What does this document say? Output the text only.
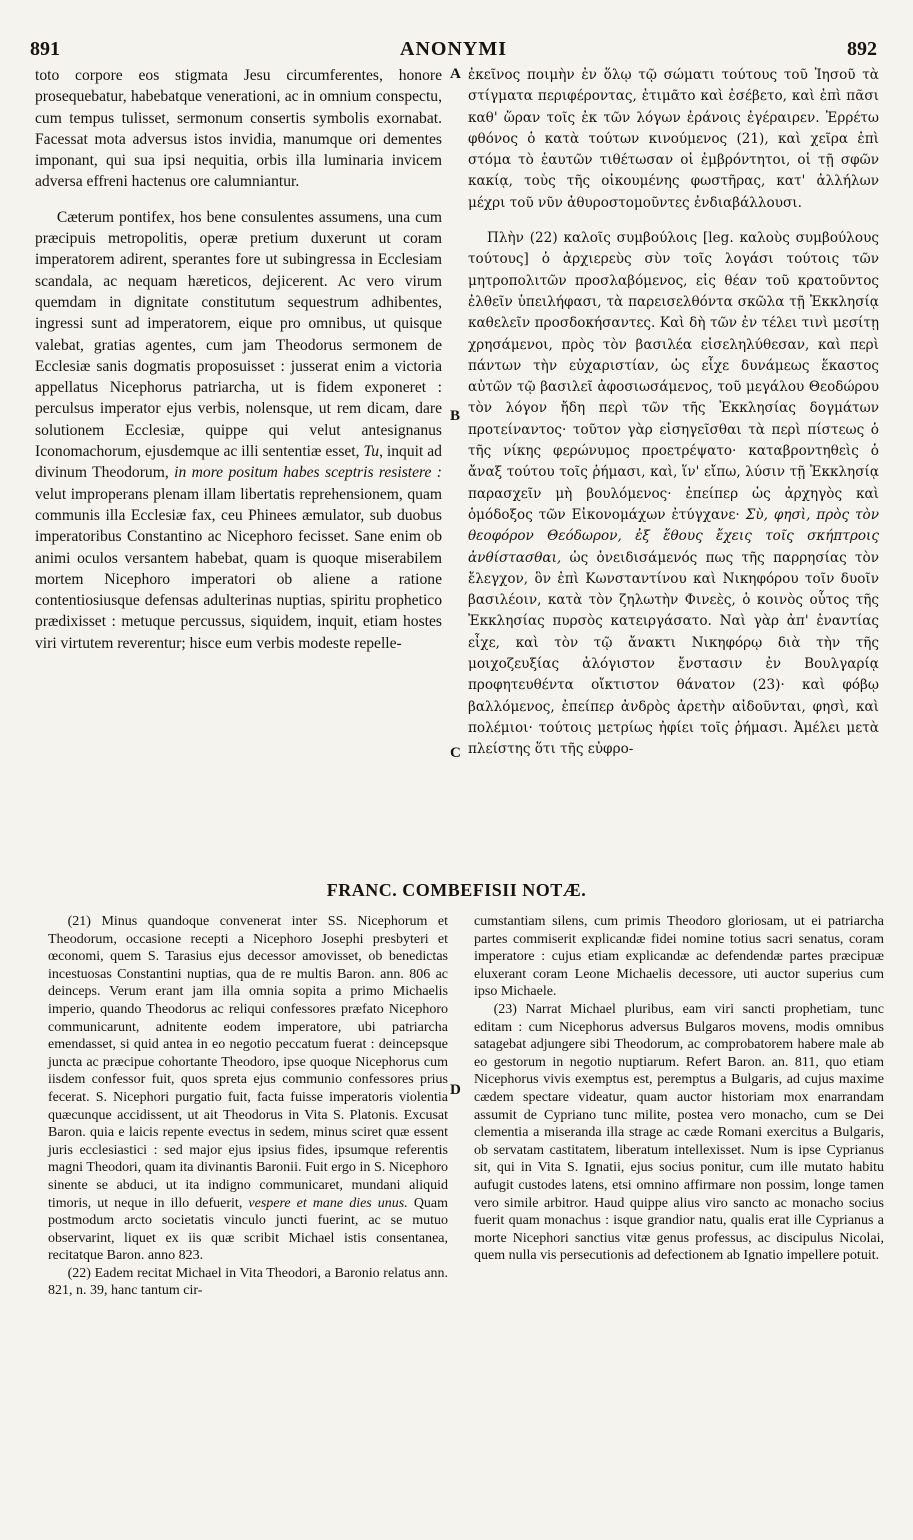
891	ANONYMI	892
A
B
C
D

toto corpore eos stigmata Jesu circumferentes, honore prosequebatur, habebatque venerationi, ac in omnium conspectu, cum tempus tulisset, sermonum consertis symbolis exornabat. Facessat mota adversus istos invidia, manumque ori dementes imponant, qui sua ipsi nequitia, orbis illa luminaria invicem adversa effreni hactenus ore calumniantur.

Cæterum pontifex, hos bene consulentes assumens, una cum præcipuis metropolitis, operæ pretium duxerunt ut coram imperatorem adirent, sperantes fore ut subingressa in Ecclesiam scandala, ac nequam hæreticos, dejicerent. Ac vero virum quemdam in dignitate constitutum sequestrum adhibentes, ingressi sunt ad imperatorem, eique pro omnibus, ut quisque valebat, gratias agentes, cum jam Theodorus sermonem de Ecclesiæ sanis dogmatis proposuisset : jusserat enim a victoria appellatus Nicephorus patriarcha, ut is fidem exponeret : perculsus imperator ejus verbis, nolensque, ut rem dicam, dare solutionem Ecclesiæ, quippe qui velut antesignanus Iconomachorum, ejusdemque ac illi sententiæ esset, Tu, inquit ad divinum Theodorum, in more positum habes sceptris resistere : velut improperans plenam illam libertatis reprehensionem, quam communis illa Ecclesiæ fax, ceu Phinees æmulator, sub duobus imperatoribus Constantino ac Nicephoro fecisset. Sane enim ob animi oculos versantem habebat, quam is quoque miserabilem mortem Nicephoro imperatori ob aliene a ratione contentiosiusque defensas adulterinas nuptias, spiritu prophetico prædixisset : metuque percussus, siquidem, inquit, etiam hostes viri virtutem reverentur; hisce eum verbis modeste repelle-

ἐκεῖνος ποιμὴν ἐν ὅλῳ τῷ σώματι τούτους τοῦ Ἰησοῦ τὰ στίγματα περιφέροντας, ἐτιμᾶτο καὶ ἐσέβετο, καὶ ἐπὶ πᾶσι καθ' ὥραν τοῖς ἐκ τῶν λόγων ἐράνοις ἐγέραιρεν. Ἐρρέτω φθόνος ὁ κατὰ τούτων κινούμενος (21), καὶ χεῖρα ἐπὶ στόμα τὸ ἑαυτῶν τιθέτωσαν οἱ ἐμβρόντητοι, οἱ τῇ σφῶν κακίᾳ, τοὺς τῆς οἰκουμένης φωστῆρας, κατ' ἀλλήλων μέχρι τοῦ νῦν ἀθυροστομοῦντες ἐνδιαβάλλουσι.

Πλὴν (22) καλοῖς συμβούλοις [leg. καλοὺς συμβούλους τούτους] ὁ ἀρχιερεὺς σὺν τοῖς λογάσι τούτοις τῶν μητροπολιτῶν προσλαβόμενος, εἰς θέαν τοῦ κρατοῦντος ἐλθεῖν ὑπειλήφασι, τὰ παρεισελθόντα σκῶλα τῇ Ἐκκλησίᾳ καθελεῖν προσδοκήσαντες. Καὶ δὴ τῶν ἐν τέλει τινὶ μεσίτῃ χρησάμενοι, πρὸς τὸν βασιλέα εἰσεληλύθεσαν, καὶ περὶ πάντων τὴν εὐχαριστίαν, ὡς εἶχε δυνάμεως ἕκαστος αὐτῶν τῷ βασιλεῖ ἀφοσιωσάμενος, τοῦ μεγάλου Θεοδώρου τὸν λόγον ἤδη περὶ τῶν τῆς Ἐκκλησίας δογμάτων προτείναντος· τοῦτον γὰρ εἰσηγεῖσθαι τὰ περὶ πίστεως ὁ τῆς νίκης φερώνυμος προετρέψατο· καταβροντηθεὶς ὁ ἄναξ τούτου τοῖς ῥήμασι, καὶ, ἵν' εἴπω, λύσιν τῇ Ἐκκλησίᾳ παρασχεῖν μὴ βουλόμενος· ἐπείπερ ὡς ἀρχηγὸς καὶ ὁμόδοξος τῶν Εἰκονομάχων ἐτύγχανε· Σὺ, φησὶ, πρὸς τὸν θεοφόρον Θεόδωρον, ἐξ ἔθους ἔχεις τοῖς σκήπτροις ἀνθίστασθαι, ὡς ὀνειδισάμενός πως τῆς παρρησίας τὸν ἔλεγχον, ὃν ἐπὶ Κωνσταντίνου καὶ Νικηφόρου τοῖν δυοῖν βασιλέοιν, κατὰ τὸν ζηλωτὴν Φινεὲς, ὁ κοινὸς οὗτος τῆς Ἐκκλησίας πυρσὸς κατειργάσατο. Ναὶ γὰρ ἀπ' ἐναντίας εἶχε, καὶ τὸν τῷ ἄνακτι Νικηφόρῳ διὰ τὴν τῆς μοιχοζευξίας ἀλόγιστον ἔνστασιν ἐν Βουλγαρίᾳ προφητευθέντα οἴκτιστον θάνατον (23)· καὶ φόβῳ βαλλόμενος, ἐπείπερ ἀνδρὸς ἀρετὴν αἰδοῦνται, φησὶ, καὶ πολέμιοι· τούτοις μετρίως ἠφίει τοῖς ῥήμασι. Ἀμέλει μετὰ πλείστης ὅτι τῆς εὐφρο-

FRANC. COMBEFISII NOTÆ.

(21) Minus quandoque convenerat inter SS. Nicephorum et Theodorum, occasione recepti a Nicephoro Josephi presbyteri et œconomi, quem S. Tarasius ejus decessor amovisset, ob benedictas incestuosas Constantini nuptias, qua de re multis Baron. ann. 806 ac deinceps. Verum erant jam illa omnia sopita a primo Michaelis imperio, quando Theodorus ac reliqui confessores præfato Nicephoro communicarunt, adnitente eodem imperatore, ubi patriarcha emendasset, si quid antea in eo negotio peccatum fuerat : deincepsque juncta ac præcipue cohortante Theodoro, ipse quoque Nicephorus cum iisdem confessor fuit, quos spreta ejus communio confessores prius fecerat. S. Nicephori purgatio fuit, facta fuisse imperatoris violentia quæcunque accidissent, ut ait Theodorus in Vita S. Platonis. Excusat Baron. quia e laicis repente evectus in sedem, minus sciret quæ essent juris ecclesiastici : sed major ejus ipsius fides, ipsumque referentis magni Theodori, quam ita divinantis Baronii. Fuit ergo in S. Nicephoro sinente se abduci, ut ita indigno communicaret, mundani aliquid timoris, ut neque in illo defuerit, vespere et mane dies unus. Quam postmodum arcto societatis vinculo juncti fuerint, ac se mutuo observarint, liquet ex iis quæ scribit Michael istis consentanea, recitatque Baron. anno 823.

(22) Eadem recitat Michael in Vita Theodori, a Baronio relatus ann. 821, n. 39, hanc tantum cir-

cumstantiam silens, cum primis Theodoro gloriosam, ut ei patriarcha partes commiserit explicandæ fidei nomine totius sacri senatus, coram imperatore : cujus etiam explicandæ ac defendendæ partes præcipuæ eluxerant coram Leone Michaelis decessore, uti auctor superius cum ipso Michaele.

(23) Narrat Michael pluribus, eam viri sancti prophetiam, tunc editam : cum Nicephorus adversus Bulgaros movens, modis omnibus satagebat adjungere sibi Theodorum, ac comprobatorem habere male ab eo gestorum in negotio nuptiarum. Refert Baron. an. 811, quo etiam Nicephorus vivis exemptus est, peremptus a Bulgaris, ad cujus maxime cædem spectare videatur, quam auctor historiam mox enarrandam assumit de Cypriano tunc milite, postea vero monacho, cum se Dei clementia a miseranda illa strage ac cæde Romani exercitus a Bulgaris, ob servatam castitatem, liberatum intellexisset. Num is ipse Cyprianus sit, qui in Vita S. Ignatii, ejus socius ponitur, cum ille mutato habitu aufugit custodes latens, etsi omnino affirmare non possim, longe tamen vero simile arbitror. Haud quippe alius viro sancto ac monacho socius fuerit quam monachus : isque grandior natu, qualis erat ille Cyprianus a morte Nicephori sanctius vitæ genus professus, ac discipulus Nicolai, quem nulla vis persecutionis ad defectionem ab Ignatio impellere potuit.
